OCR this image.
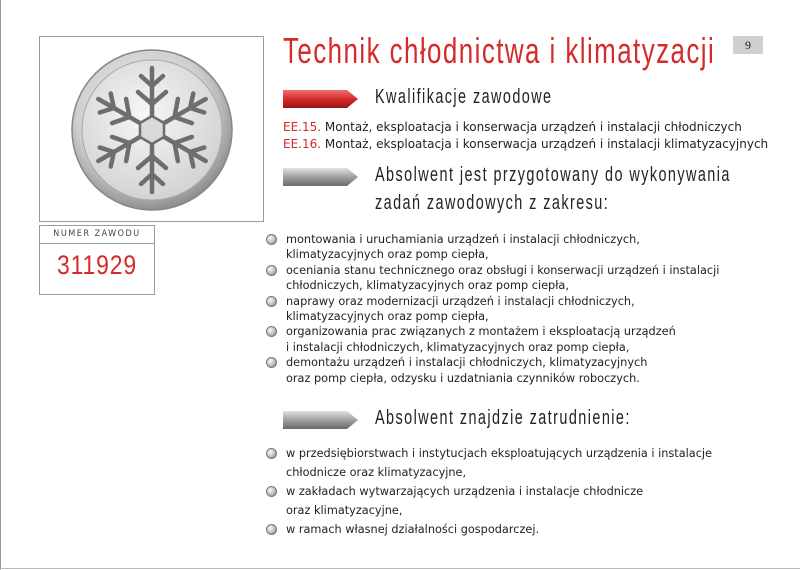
NUMER ZAWODU
311929
Technik chłodnictwa i klimatyzacji	9
Kwalifikacje zawodowe
EE.15. Montaż, eksploatacja i konserwacja urządzeń i instalacji chłodniczych
EE.16. Montaż, eksploatacja i konserwacja urządzeń i instalacji klimatyzacyjnych
Absolwent jest przygotowany do wykonywania
zadań zawodowych z zakresu:
montowania i uruchamiania urządzeń i instalacji chłodniczych,
klimatyzacyjnych oraz pomp ciepła,
oceniania stanu technicznego oraz obsługi i konserwacji urządzeń i instalacji
chłodniczych, klimatyzacyjnych oraz pomp ciepła,
naprawy oraz modernizacji urządzeń i instalacji chłodniczych,
klimatyzacyjnych oraz pomp ciepła,
organizowania prac związanych z montażem i eksploatacją urządzeń
i instalacji chłodniczych, klimatyzacyjnych oraz pomp ciepła,
demontażu urządzeń i instalacji chłodniczych, klimatyzacyjnych
oraz pomp ciepła, odzysku i uzdatniania czynników roboczych.
Absolwent znajdzie zatrudnienie:
w przedsiębiorstwach i instytucjach eksploatujących urządzenia i instalacje
chłodnicze oraz klimatyzacyjne,
w zakładach wytwarzających urządzenia i instalacje chłodnicze
oraz klimatyzacyjne,
w ramach własnej działalności gospodarczej.
